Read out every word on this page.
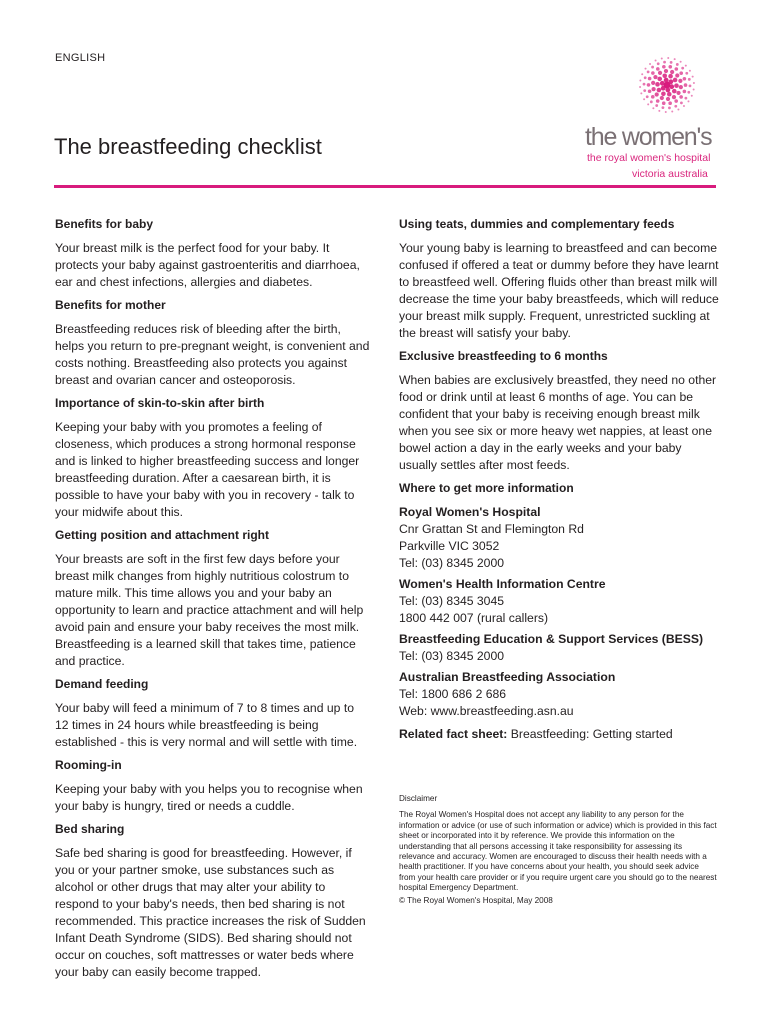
ENGLISH
The breastfeeding checklist	the women's
the royal women's hospital
victoria australia
Benefits for baby

Your breast milk is the perfect food for your baby. It protects your baby against gastroenteritis and diarrhoea, ear and chest infections, allergies and diabetes.

Benefits for mother

Breastfeeding reduces risk of bleeding after the birth, helps you return to pre-pregnant weight, is convenient and costs nothing. Breastfeeding also protects you against breast and ovarian cancer and osteoporosis.

Importance of skin-to-skin after birth

Keeping your baby with you promotes a feeling of closeness, which produces a strong hormonal response and is linked to higher breastfeeding success and longer breastfeeding duration. After a caesarean birth, it is possible to have your baby with you in recovery - talk to your midwife about this.

Getting position and attachment right

Your breasts are soft in the first few days before your breast milk changes from highly nutritious colostrum to mature milk. This time allows you and your baby an opportunity to learn and practice attachment and will help avoid pain and ensure your baby receives the most milk. Breastfeeding is a learned skill that takes time, patience and practice.

Demand feeding

Your baby will feed a minimum of 7 to 8 times and up to 12 times in 24 hours while breastfeeding is being established - this is very normal and will settle with time.

Rooming-in

Keeping your baby with you helps you to recognise when your baby is hungry, tired or needs a cuddle.

Bed sharing

Safe bed sharing is good for breastfeeding. However, if you or your partner smoke, use substances such as alcohol or other drugs that may alter your ability to respond to your baby's needs, then bed sharing is not recommended. This practice increases the risk of Sudden Infant Death Syndrome (SIDS). Bed sharing should not occur on couches, soft mattresses or water beds where your baby can easily become trapped.

Using teats, dummies and complementary feeds

Your young baby is learning to breastfeed and can become confused if offered a teat or dummy before they have learnt to breastfeed well. Offering fluids other than breast milk will decrease the time your baby breastfeeds, which will reduce your breast milk supply. Frequent, unrestricted suckling at the breast will satisfy your baby.

Exclusive breastfeeding to 6 months

When babies are exclusively breastfed, they need no other food or drink until at least 6 months of age. You can be confident that your baby is receiving enough breast milk when you see six or more heavy wet nappies, at least one bowel action a day in the early weeks and your baby usually settles after most feeds.

Where to get more information
Royal Women's Hospital
Cnr Grattan St and Flemington Rd
Parkville VIC 3052
Tel: (03) 8345 2000
Women's Health Information Centre
Tel: (03) 8345 3045
1800 442 007 (rural callers)
Breastfeeding Education & Support Services (BESS)
Tel: (03) 8345 2000
Australian Breastfeeding Association
Tel: 1800 686 2 686
Web: www.breastfeeding.asn.au

Related fact sheet: Breastfeeding: Getting started

Disclaimer

The Royal Women's Hospital does not accept any liability to any person for the information or advice (or use of such information or advice) which is provided in this fact sheet or incorporated into it by reference. We provide this information on the understanding that all persons accessing it take responsibility for assessing its relevance and accuracy. Women are encouraged to discuss their health needs with a health practitioner. If you have concerns about your health, you should seek advice from your health care provider or if you require urgent care you should go to the nearest hospital Emergency Department.

© The Royal Women's Hospital, May 2008
